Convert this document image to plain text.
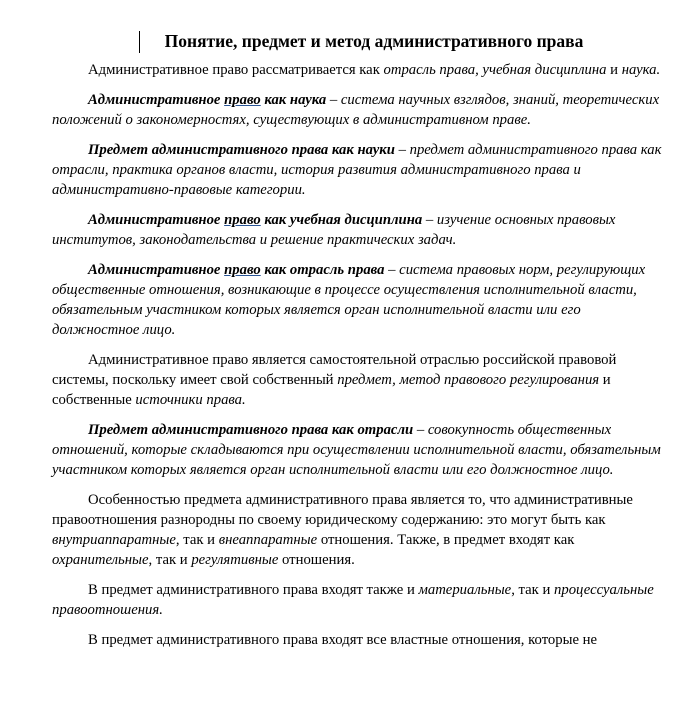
Понятие, предмет и метод административного права

Административное право рассматривается как отрасль права, учебная дисциплина и наука.

Административное право как наука – система научных взглядов, знаний, теоретических положений о закономерностях, существующих в административном праве.

Предмет административного права как науки – предмет административного права как отрасли, практика органов власти, история развития административного права и административно-правовые категории.

Административное право как учебная дисциплина – изучение основных правовых институтов, законодательства и решение практических задач.

Административное право как отрасль права – система правовых норм, регулирующих общественные отношения, возникающие в процессе осуществления исполнительной власти, обязательным участником которых является орган исполнительной власти или его должностное лицо.

Административное право является самостоятельной отраслью российской правовой системы, поскольку имеет свой собственный предмет, метод правового регулирования и собственные источники права.

Предмет административного права как отрасли – совокупность общественных отношений, которые складываются при осуществлении исполнительной власти, обязательным участником которых является орган исполнительной власти или его должностное лицо.

Особенностью предмета административного права является то, что административные правоотношения разнородны по своему юридическому содержанию: это могут быть как внутриаппаратные, так и внеаппаратные отношения. Также, в предмет входят как охранительные, так и регулятивные отношения.

В предмет административного права входят также и материальные, так и процессуальные правоотношения.

В предмет административного права входят все властные отношения, которые не
